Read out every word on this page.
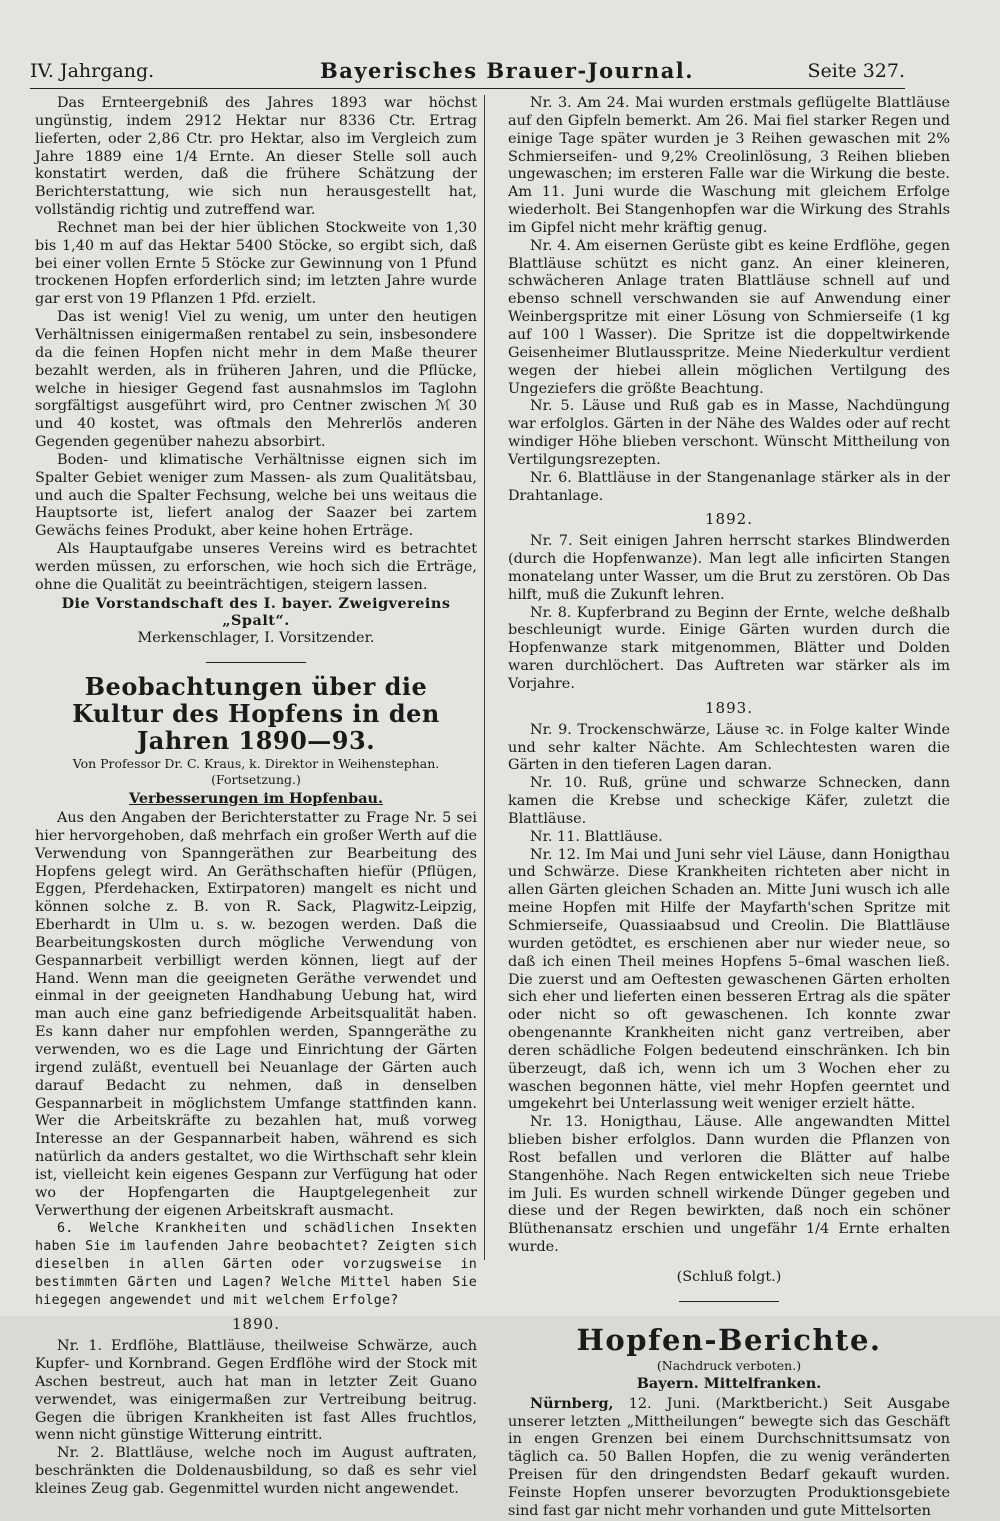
IV. Jahrgang.	Bayerisches Brauer-Journal.	Seite 327.

Das Ernteergebniß des Jahres 1893 war höchst ungünstig, indem 2912 Hektar nur 8336 Ctr. Ertrag lieferten, oder 2,86 Ctr. pro Hektar, also im Vergleich zum Jahre 1889 eine 1/4 Ernte. An dieser Stelle soll auch konstatirt werden, daß die frühere Schätzung der Berichterstattung, wie sich nun herausgestellt hat, vollständig richtig und zutreffend war.

Rechnet man bei der hier üblichen Stockweite von 1,30 bis 1,40 m auf das Hektar 5400 Stöcke, so ergibt sich, daß bei einer vollen Ernte 5 Stöcke zur Gewinnung von 1 Pfund trockenen Hopfen erforderlich sind; im letzten Jahre wurde gar erst von 19 Pflanzen 1 Pfd. erzielt.

Das ist wenig! Viel zu wenig, um unter den heutigen Verhältnissen einigermaßen rentabel zu sein, insbesondere da die feinen Hopfen nicht mehr in dem Maße theurer bezahlt werden, als in früheren Jahren, und die Pflücke, welche in hiesiger Gegend fast ausnahmslos im Taglohn sorgfältigst ausgeführt wird, pro Centner zwischen ℳ 30 und 40 kostet, was oftmals den Mehrerlös anderen Gegenden gegenüber nahezu absorbirt.

Boden- und klimatische Verhältnisse eignen sich im Spalter Gebiet weniger zum Massen- als zum Qualitätsbau, und auch die Spalter Fechsung, welche bei uns weitaus die Hauptsorte ist, liefert analog der Saazer bei zartem Gewächs feines Produkt, aber keine hohen Erträge.

Als Hauptaufgabe unseres Vereins wird es betrachtet werden müssen, zu erforschen, wie hoch sich die Erträge, ohne die Qualität zu beeinträchtigen, steigern lassen.

Die Vorstandschaft des I. bayer. Zweigvereins „Spalt“.

Merkenschlager, I. Vorsitzender.

Beobachtungen über die Kultur des Hopfens in den Jahren 1890—93.
Von Professor Dr. C. Kraus, k. Direktor in Weihenstephan.
(Fortsetzung.)
Verbesserungen im Hopfenbau.

Aus den Angaben der Berichterstatter zu Frage Nr. 5 sei hier hervorgehoben, daß mehrfach ein großer Werth auf die Verwendung von Spanngeräthen zur Bearbeitung des Hopfens gelegt wird. An Geräthschaften hiefür (Pflügen, Eggen, Pferdehacken, Extirpatoren) mangelt es nicht und können solche z. B. von R. Sack, Plagwitz-Leipzig, Eberhardt in Ulm u. s. w. bezogen werden. Daß die Bearbeitungskosten durch mögliche Verwendung von Gespannarbeit verbilligt werden können, liegt auf der Hand. Wenn man die geeigneten Geräthe verwendet und einmal in der geeigneten Handhabung Uebung hat, wird man auch eine ganz befriedigende Arbeitsqualität haben. Es kann daher nur empfohlen werden, Spanngeräthe zu verwenden, wo es die Lage und Einrichtung der Gärten irgend zuläßt, eventuell bei Neuanlage der Gärten auch darauf Bedacht zu nehmen, daß in denselben Gespannarbeit in möglichstem Umfange stattfinden kann. Wer die Arbeitskräfte zu bezahlen hat, muß vorweg Interesse an der Gespannarbeit haben, während es sich natürlich da anders gestaltet, wo die Wirthschaft sehr klein ist, vielleicht kein eigenes Gespann zur Verfügung hat oder wo der Hopfengarten die Hauptgelegenheit zur Verwerthung der eigenen Arbeitskraft ausmacht.

6. Welche Krankheiten und schädlichen Insekten haben Sie im laufenden Jahre beobachtet? Zeigten sich dieselben in allen Gärten oder vorzugsweise in bestimmten Gärten und Lagen? Welche Mittel haben Sie hiegegen angewendet und mit welchem Erfolge?

1890.

Nr. 1. Erdflöhe, Blattläuse, theilweise Schwärze, auch Kupfer- und Kornbrand. Gegen Erdflöhe wird der Stock mit Aschen bestreut, auch hat man in letzter Zeit Guano verwendet, was einigermaßen zur Vertreibung beitrug. Gegen die übrigen Krankheiten ist fast Alles fruchtlos, wenn nicht günstige Witterung eintritt.

Nr. 2. Blattläuse, welche noch im August auftraten, beschränkten die Doldenausbildung, so daß es sehr viel kleines Zeug gab. Gegenmittel wurden nicht angewendet.

Nr. 3. Am 24. Mai wurden erstmals geflügelte Blattläuse auf den Gipfeln bemerkt. Am 26. Mai fiel starker Regen und einige Tage später wurden je 3 Reihen gewaschen mit 2% Schmierseifen- und 9,2% Creolinlösung, 3 Reihen blieben ungewaschen; im ersteren Falle war die Wirkung die beste. Am 11. Juni wurde die Waschung mit gleichem Erfolge wiederholt. Bei Stangenhopfen war die Wirkung des Strahls im Gipfel nicht mehr kräftig genug.

Nr. 4. Am eisernen Gerüste gibt es keine Erdflöhe, gegen Blattläuse schützt es nicht ganz. An einer kleineren, schwächeren Anlage traten Blattläuse schnell auf und ebenso schnell verschwanden sie auf Anwendung einer Weinbergspritze mit einer Lösung von Schmierseife (1 kg auf 100 l Wasser). Die Spritze ist die doppeltwirkende Geisenheimer Blutlausspritze. Meine Niederkultur verdient wegen der hiebei allein möglichen Vertilgung des Ungeziefers die größte Beachtung.

Nr. 5. Läuse und Ruß gab es in Masse, Nachdüngung war erfolglos. Gärten in der Nähe des Waldes oder auf recht windiger Höhe blieben verschont. Wünscht Mittheilung von Vertilgungsrezepten.

Nr. 6. Blattläuse in der Stangenanlage stärker als in der Drahtanlage.

1892.

Nr. 7. Seit einigen Jahren herrscht starkes Blindwerden (durch die Hopfenwanze). Man legt alle inficirten Stangen monatelang unter Wasser, um die Brut zu zerstören. Ob Das hilft, muß die Zukunft lehren.

Nr. 8. Kupferbrand zu Beginn der Ernte, welche deßhalb beschleunigt wurde. Einige Gärten wurden durch die Hopfenwanze stark mitgenommen, Blätter und Dolden waren durchlöchert. Das Auftreten war stärker als im Vorjahre.

1893.

Nr. 9. Trockenschwärze, Läuse ꝛc. in Folge kalter Winde und sehr kalter Nächte. Am Schlechtesten waren die Gärten in den tieferen Lagen daran.

Nr. 10. Ruß, grüne und schwarze Schnecken, dann kamen die Krebse und scheckige Käfer, zuletzt die Blattläuse.

Nr. 11. Blattläuse.

Nr. 12. Im Mai und Juni sehr viel Läuse, dann Honigthau und Schwärze. Diese Krankheiten richteten aber nicht in allen Gärten gleichen Schaden an. Mitte Juni wusch ich alle meine Hopfen mit Hilfe der Mayfarth'schen Spritze mit Schmierseife, Quassiaabsud und Creolin. Die Blattläuse wurden getödtet, es erschienen aber nur wieder neue, so daß ich einen Theil meines Hopfens 5–6mal waschen ließ. Die zuerst und am Oeftesten gewaschenen Gärten erholten sich eher und lieferten einen besseren Ertrag als die später oder nicht so oft gewaschenen. Ich konnte zwar obengenannte Krankheiten nicht ganz vertreiben, aber deren schädliche Folgen bedeutend einschränken. Ich bin überzeugt, daß ich, wenn ich um 3 Wochen eher zu waschen begonnen hätte, viel mehr Hopfen geerntet und umgekehrt bei Unterlassung weit weniger erzielt hätte.

Nr. 13. Honigthau, Läuse. Alle angewandten Mittel blieben bisher erfolglos. Dann wurden die Pflanzen von Rost befallen und verloren die Blätter auf halbe Stangenhöhe. Nach Regen entwickelten sich neue Triebe im Juli. Es wurden schnell wirkende Dünger gegeben und diese und der Regen bewirkten, daß noch ein schöner Blüthenansatz erschien und ungefähr 1/4 Ernte erhalten wurde.

(Schluß folgt.)
Hopfen-Berichte.
(Nachdruck verboten.)
Bayern. Mittelfranken.

Nürnberg, 12. Juni. (Marktbericht.) Seit Ausgabe unserer letzten „Mittheilungen“ bewegte sich das Geschäft in engen Grenzen bei einem Durchschnittsumsatz von täglich ca. 50 Ballen Hopfen, die zu wenig veränderten Preisen für den dringendsten Bedarf gekauft wurden. Feinste Hopfen unserer bevorzugten Produktionsgebiete sind fast gar nicht mehr vorhanden und gute Mittelsorten
